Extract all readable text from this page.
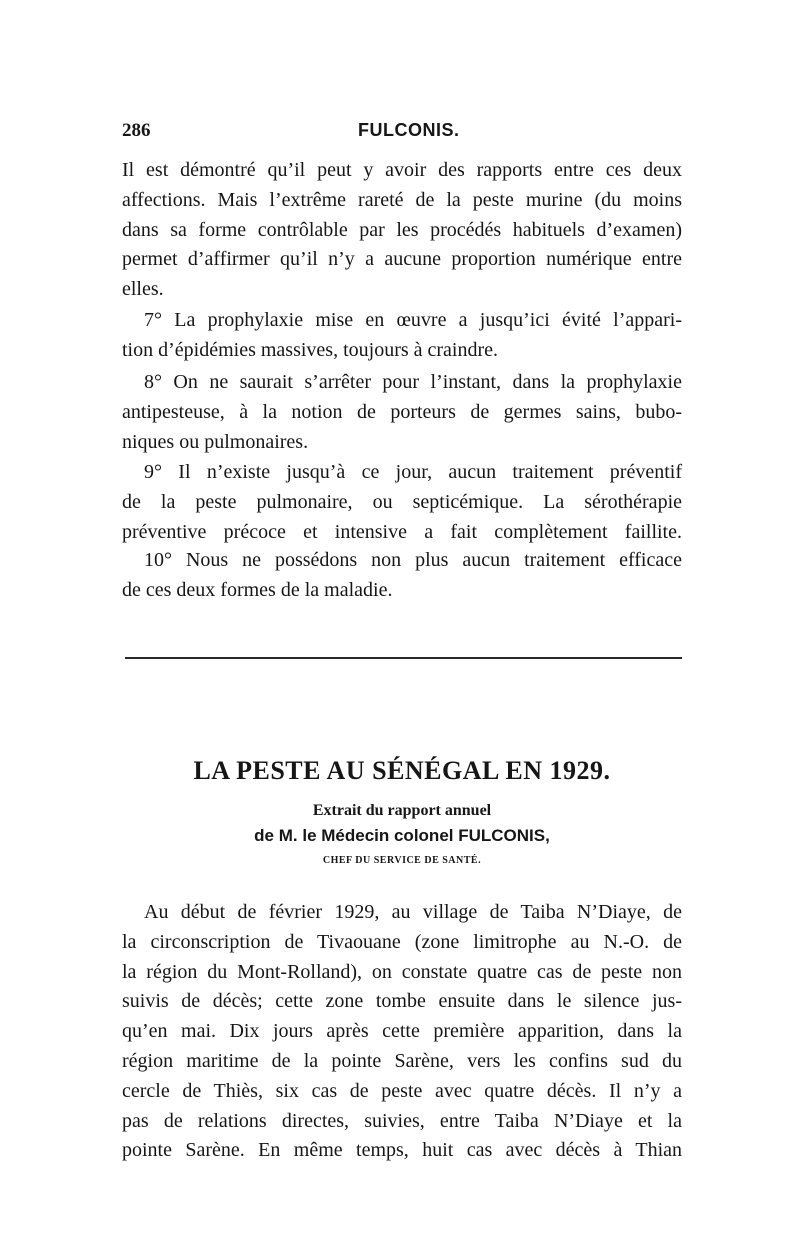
286	FULCONIS.
Il est démontré qu’il peut y avoir des rapports entre ces deux
affections. Mais l’extrême rareté de la peste murine (du moins
dans sa forme contrôlable par les procédés habituels d’examen)
permet d’affirmer qu’il n’y a aucune proportion numérique entre
elles.
7° La prophylaxie mise en œuvre a jusqu’ici évité l’appari-
tion d’épidémies massives, toujours à craindre.
8° On ne saurait s’arrêter pour l’instant, dans la prophylaxie
antipesteuse, à la notion de porteurs de germes sains, bubo-
niques ou pulmonaires.
9° Il n’existe jusqu’à ce jour, aucun traitement préventif
de la peste pulmonaire, ou septicémique. La sérothérapie
préventive précoce et intensive a fait complètement faillite.
10° Nous ne possédons non plus aucun traitement efficace
de ces deux formes de la maladie.
LA PESTE AU SÉNÉGAL EN 1929.
Extrait du rapport annuel
de M. le Médecin colonel FULCONIS,
CHEF DU SERVICE DE SANTÉ.
Au début de février 1929, au village de Taiba N’Diaye, de
la circonscription de Tivaouane (zone limitrophe au N.-O. de
la région du Mont-Rolland), on constate quatre cas de peste non
suivis de décès; cette zone tombe ensuite dans le silence jus-
qu’en mai. Dix jours après cette première apparition, dans la
région maritime de la pointe Sarène, vers les confins sud du
cercle de Thiès, six cas de peste avec quatre décès. Il n’y a
pas de relations directes, suivies, entre Taiba N’Diaye et la
pointe Sarène. En même temps, huit cas avec décès à Thian
